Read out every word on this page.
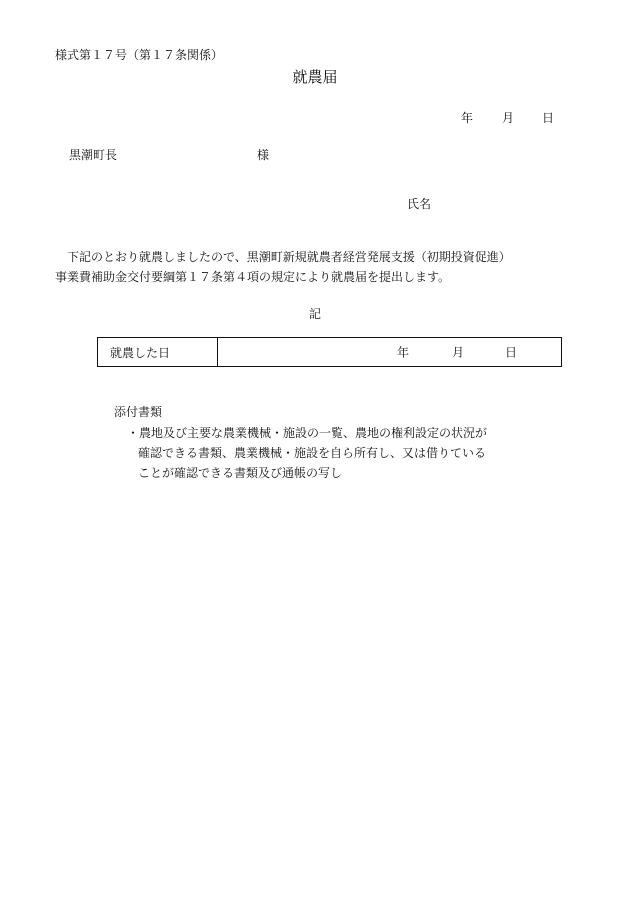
様式第１７号（第１７条関係）
就農届
年 月 日
黒潮町長	様
氏名
下記のとおり就農しましたので、黒潮町新規就農者経営発展支援（初期投資促進）
事業費補助金交付要綱第１７条第４項の規定により就農届を提出します。
記
就農した日	年	月	日
添付書類
・農地及び主要な農業機械・施設の一覧、農地の権利設定の状況が
確認できる書類、農業機械・施設を自ら所有し、又は借りている
ことが確認できる書類及び通帳の写し
